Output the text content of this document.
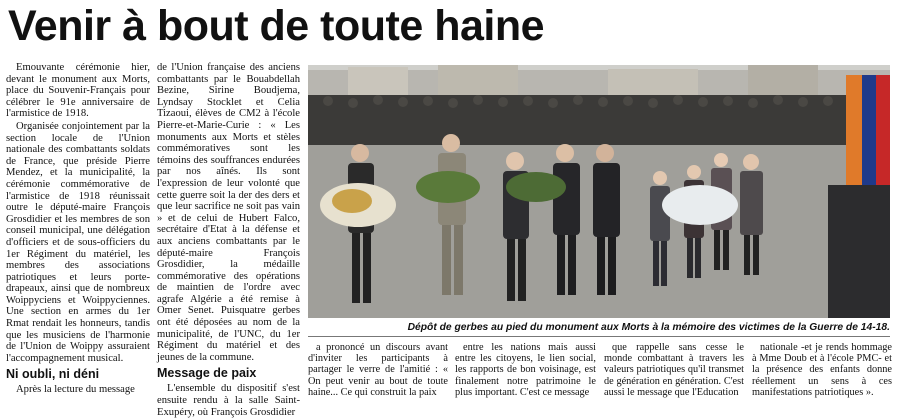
Venir à bout de toute haine

Emouvante cérémonie hier, devant le monument aux Morts, place du Souvenir-Français pour célébrer le 91e anniversaire de l'armistice de 1918.

Organisée conjointement par la section locale de l'Union nationale des combattants soldats de France, que préside Pierre Mendez, et la municipalité, la cérémonie commémorative de l'armistice de 1918 réunissait outre le député-maire François Grosdidier et les membres de son conseil municipal, une délégation d'officiers et de sous-officiers du 1er Régiment du matériel, les membres des associations patriotiques et leurs porte-drapeaux, ainsi que de nombreux Woippyciens et Woippyciennes. Une section en armes du 1er Rmat rendait les honneurs, tandis que les musiciens de l'harmonie de l'Union de Woippy assuraient l'accompagnement musical.

Ni oubli, ni déni

Après la lecture du message

de l'Union française des anciens combattants par le Bouabdellah Bezine, Sirine Boudjema, Lyndsay Stocklet et Celia Tizaoui, élèves de CM2 à l'école Pierre-et-Marie-Curie : « Les monuments aux Morts et stèles commémoratives sont les témoins des souffrances endurées par nos aînés. Ils sont l'expression de leur volonté que cette guerre soit la der des ders et que leur sacrifice ne soit pas vain » et de celui de Hubert Falco, secrétaire d'Etat à la défense et aux anciens combattants par le député-maire François Grosdidier, la médaille commémorative des opérations de maintien de l'ordre avec agrafe Algérie a été remise à Omer Senet. Puisquatre gerbes ont été déposées au nom de la municipalité, de l'UNC, du 1er Régiment du matériel et des jeunes de la commune.

Message de paix

L'ensemble du dispositif s'est ensuite rendu à la salle Saint-Exupéry, où François Grosdidier

Dépôt de gerbes au pied du monument aux Morts à la mémoire des victimes de la Guerre de 14-18.

a prononcé un discours avant d'inviter les participants à partager le verre de l'amitié : « On peut venir au bout de toute haine... Ce qui construit la paix

entre les nations mais aussi entre les citoyens, le lien social, les rapports de bon voisinage, est finalement notre patrimoine le plus important. C'est ce message

que rappelle sans cesse le monde combattant à travers les valeurs patriotiques qu'il transmet de génération en génération. C'est aussi le message que l'Education

nationale -et je rends hommage à Mme Doub et à l'école PMC- et la présence des enfants donne réellement un sens à ces manifestations patriotiques ».
